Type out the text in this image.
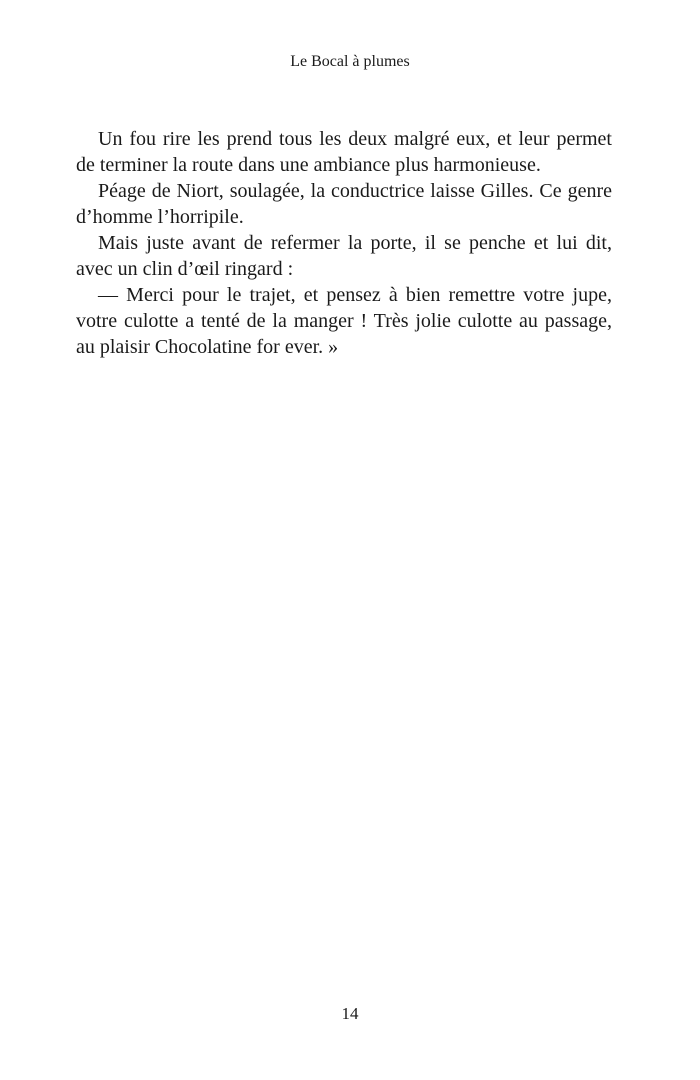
Le Bocal à plumes

Un fou rire les prend tous les deux malgré eux, et leur permet de terminer la route dans une ambiance plus harmonieuse.

Péage de Niort, soulagée, la conductrice laisse Gilles. Ce genre d’homme l’horripile.

Mais juste avant de refermer la porte, il se penche et lui dit, avec un clin d’œil ringard :

— Merci pour le trajet, et pensez à bien remettre votre jupe, votre culotte a tenté de la manger ! Très jolie culotte au passage, au plaisir Chocolatine for ever. »

14
